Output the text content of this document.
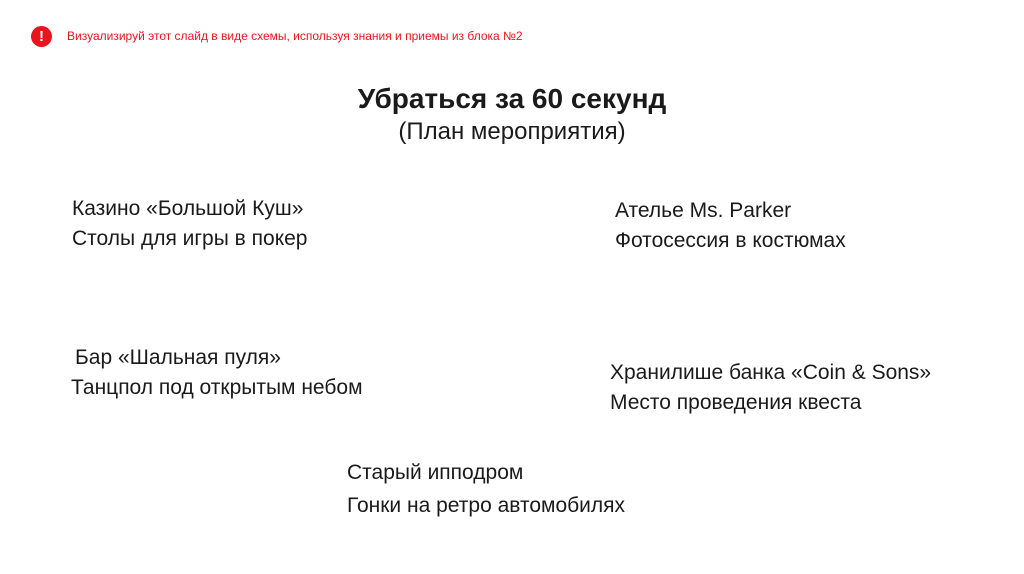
!	Визуализируй этот слайд в виде схемы, используя знания и приемы из блока №2
Убраться за 60 секунд
(План мероприятия)
Казино «Большой Куш»
Столы для игры в покер
Ателье Ms. Parker
Фотосессия в костюмах
Бар «Шальная пуля»
Танцпол под открытым небом
Хранилише банка «Coin & Sons»
Место проведения квеста
Старый ипподром
Гонки на ретро автомобилях
